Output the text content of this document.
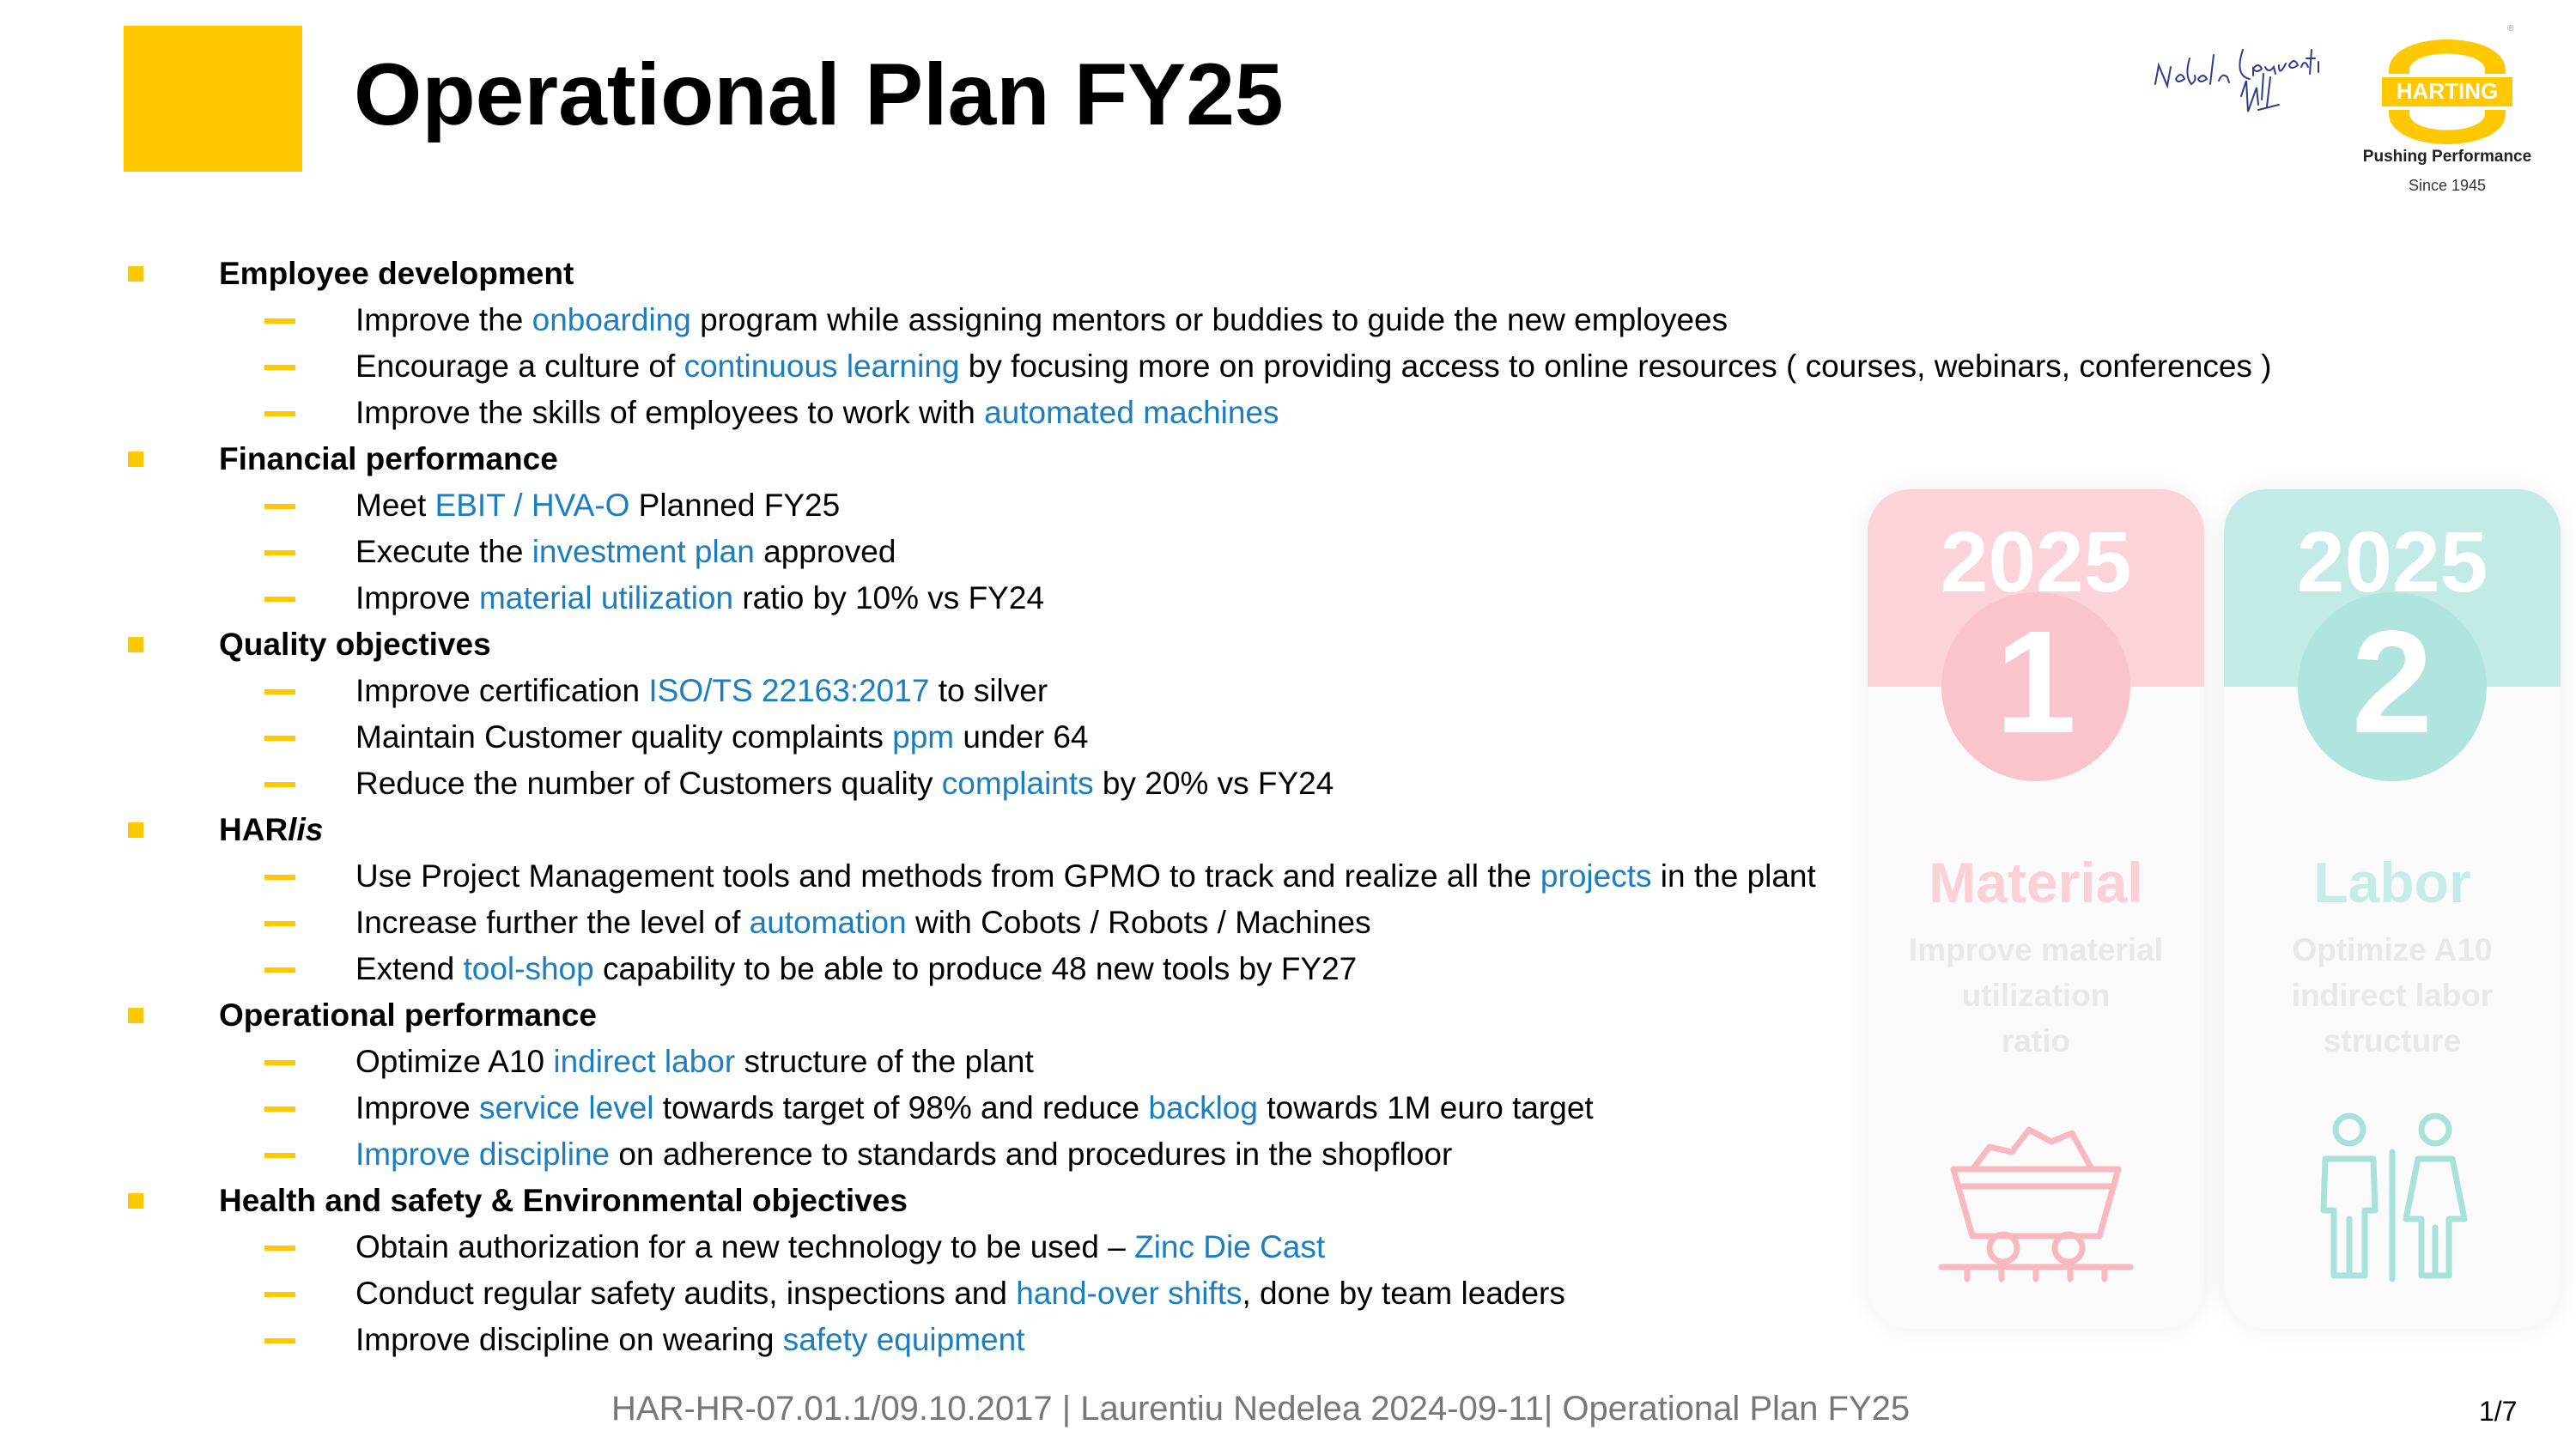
Operational Plan FY25	HARTING
®
Pushing Performance
Since 1945
Employee development
Improve the onboarding program while assigning mentors or buddies to guide the new employees
Encourage a culture of continuous learning by focusing more on providing access to online resources ( courses, webinars, conferences )
Improve the skills of employees to work with automated machines
Financial performance
Meet EBIT / HVA-O Planned FY25
Execute the investment plan approved
Improve material utilization ratio by 10% vs FY24
Quality objectives
Improve certification ISO/TS 22163:2017 to silver
Maintain Customer quality complaints ppm under 64
Reduce the number of Customers quality complaints by 20% vs FY24
HARlis
Use Project Management tools and methods from GPMO to track and realize all the projects in the plant
Increase further the level of automation with Cobots / Robots / Machines
Extend tool-shop capability to be able to produce 48 new tools by FY27
Operational performance
Optimize A10 indirect labor structure of the plant
Improve service level towards target of 98% and reduce backlog towards 1M euro target
Improve discipline on adherence to standards and procedures in the shopfloor
Health and safety & Environmental objectives
Obtain authorization for a new technology to be used – Zinc Die Cast
Conduct regular safety audits, inspections and hand-over shifts, done by team leaders
Improve discipline on wearing safety equipment
1
2025
Material
Improve material
utilization
ratio
2
2025
Labor
Optimize A10
indirect labor
structure
HAR-HR-07.01.1/09.10.2017 | Laurentiu Nedelea 2024-09-11| Operational Plan FY25	1/7
